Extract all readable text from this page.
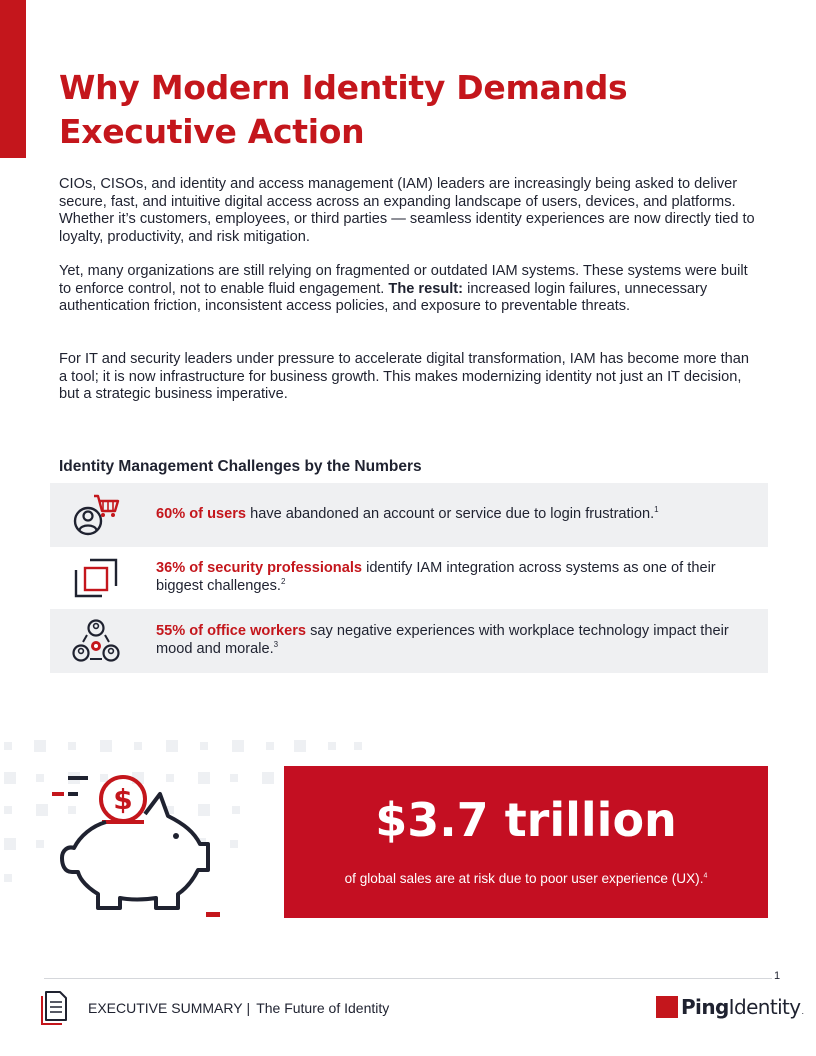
Why Modern Identity Demands
Executive Action

CIOs, CISOs, and identity and access management (IAM) leaders are increasingly being asked to deliver secure, fast, and intuitive digital access across an expanding landscape of users, devices, and platforms. Whether it’s customers, employees, or third parties — seamless identity experiences are now directly tied to loyalty, productivity, and risk mitigation.

Yet, many organizations are still relying on fragmented or outdated IAM systems. These systems were built to enforce control, not to enable fluid engagement. The result: increased login failures, unnecessary authentication friction, inconsistent access policies, and exposure to preventable threats.

For IT and security leaders under pressure to accelerate digital transformation, IAM has become more than a tool; it is now infrastructure for business growth. This makes modernizing identity not just an IT decision, but a strategic business imperative.

Identity Management Challenges by the Numbers
60% of users have abandoned an account or service due to login frustration.$^1$
36% of security professionals identify IAM integration across systems as one of their biggest challenges.$^2$
55% of office workers say negative experiences with workplace technology impact their mood and morale.$^3$
$	$3.7 trillion
of global sales are at risk due to poor user experience (UX).$^4$
1
EXECUTIVE SUMMARY | The Future of Identity	PingIdentity.
